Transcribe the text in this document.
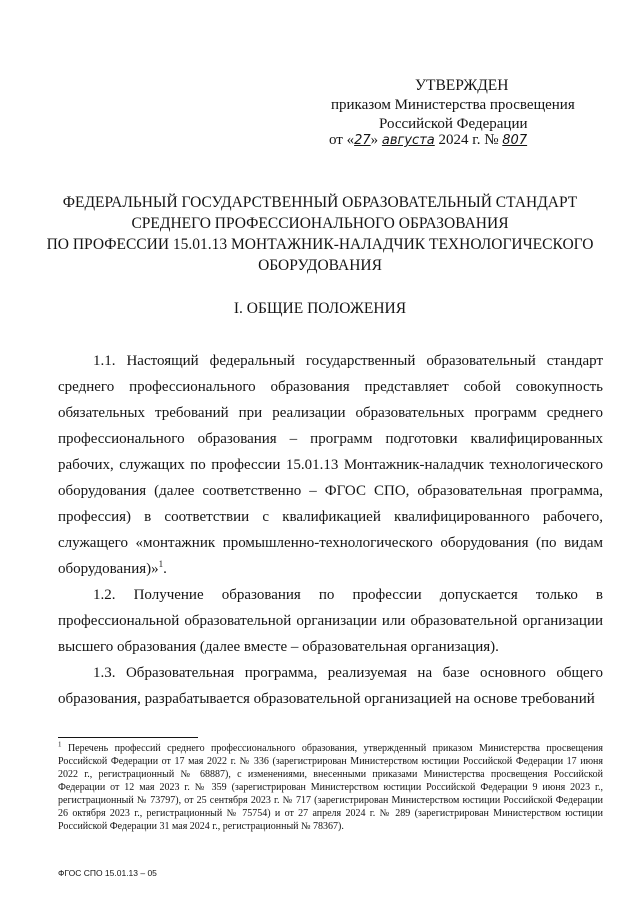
УТВЕРЖДЕН
приказом Министерства просвещения
Российской Федерации
от «27» августа 2024 г. № 807
ФЕДЕРАЛЬНЫЙ ГОСУДАРСТВЕННЫЙ ОБРАЗОВАТЕЛЬНЫЙ СТАНДАРТ
СРЕДНЕГО ПРОФЕССИОНАЛЬНОГО ОБРАЗОВАНИЯ
ПО ПРОФЕССИИ 15.01.13 МОНТАЖНИК-НАЛАДЧИК ТЕХНОЛОГИЧЕСКОГО
ОБОРУДОВАНИЯ
I. ОБЩИЕ ПОЛОЖЕНИЯ

1.1. Настоящий федеральный государственный образовательный стандарт среднего профессионального образования представляет собой совокупность обязательных требований при реализации образовательных программ среднего профессионального образования – программ подготовки квалифицированных рабочих, служащих по профессии 15.01.13 Монтажник-наладчик технологического оборудования (далее соответственно – ФГОС СПО, образовательная программа, профессия) в соответствии с квалификацией квалифицированного рабочего, служащего «монтажник промышленно-технологического оборудования (по видам оборудования)»$^1$.

1.2. Получение образования по профессии допускается только в профессиональной образовательной организации или образовательной организации высшего образования (далее вместе – образовательная организация).

1.3. Образовательная программа, реализуемая на базе основного общего образования, разрабатывается образовательной организацией на основе требований

$^1$ Перечень профессий среднего профессионального образования, утвержденный приказом Министерства просвещения Российской Федерации от 17 мая 2022 г. № 336 (зарегистрирован Министерством юстиции Российской Федерации 17 июня 2022 г., регистрационный № 68887), с изменениями, внесенными приказами Министерства просвещения Российской Федерации от 12 мая 2023 г. № 359 (зарегистрирован Министерством юстиции Российской Федерации 9 июня 2023 г., регистрационный № 73797), от 25 сентября 2023 г. № 717 (зарегистрирован Министерством юстиции Российской Федерации 26 октября 2023 г., регистрационный № 75754) и от 27 апреля 2024 г. № 289 (зарегистрирован Министерством юстиции Российской Федерации 31 мая 2024 г., регистрационный № 78367).
ФГОС СПО 15.01.13 – 05
